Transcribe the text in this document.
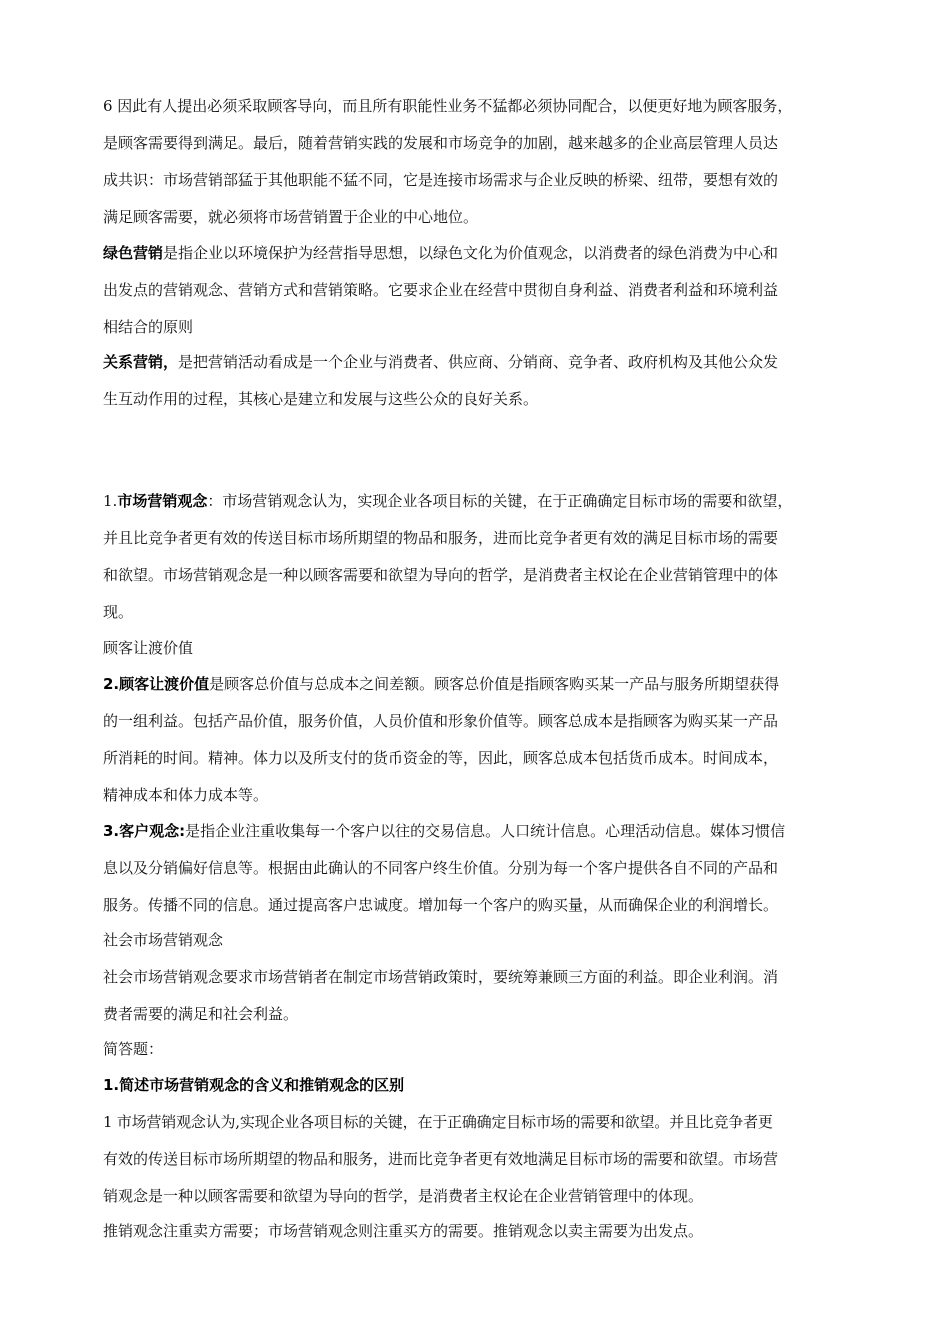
6 因此有人提出必须采取顾客导向，而且所有职能性业务不猛都必须协同配合，以便更好地为顾客服务，
是顾客需要得到满足。最后，随着营销实践的发展和市场竞争的加剧，越来越多的企业高层管理人员达
成共识：市场营销部猛于其他职能不猛不同，它是连接市场需求与企业反映的桥梁、纽带，要想有效的
满足顾客需要，就必须将市场营销置于企业的中心地位。
绿色营销是指企业以环境保护为经营指导思想，以绿色文化为价值观念，以消费者的绿色消费为中心和
出发点的营销观念、营销方式和营销策略。它要求企业在经营中贯彻自身利益、消费者利益和环境利益
相结合的原则
关系营销，是把营销活动看成是一个企业与消费者、供应商、分销商、竞争者、政府机构及其他公众发
生互动作用的过程，其核心是建立和发展与这些公众的良好关系。
1.市场营销观念：市场营销观念认为，实现企业各项目标的关键，在于正确确定目标市场的需要和欲望，
并且比竞争者更有效的传送目标市场所期望的物品和服务，进而比竞争者更有效的满足目标市场的需要
和欲望。市场营销观念是一种以顾客需要和欲望为导向的哲学，是消费者主权论在企业营销管理中的体
现。
顾客让渡价值
2.顾客让渡价值是顾客总价值与总成本之间差额。顾客总价值是指顾客购买某一产品与服务所期望获得
的一组利益。包括产品价值，服务价值，人员价值和形象价值等。顾客总成本是指顾客为购买某一产品
所消耗的时间。精神。体力以及所支付的货币资金的等，因此，顾客总成本包括货币成本。时间成本，
精神成本和体力成本等。
3.客户观念:是指企业注重收集每一个客户以往的交易信息。人口统计信息。心理活动信息。媒体习惯信
息以及分销偏好信息等。根据由此确认的不同客户终生价值。分别为每一个客户提供各自不同的产品和
服务。传播不同的信息。通过提高客户忠诚度。增加每一个客户的购买量，从而确保企业的利润增长。
社会市场营销观念
社会市场营销观念要求市场营销者在制定市场营销政策时，要统筹兼顾三方面的利益。即企业利润。消
费者需要的满足和社会利益。
简答题：
1.简述市场营销观念的含义和推销观念的区别
1 市场营销观念认为,实现企业各项目标的关键，在于正确确定目标市场的需要和欲望。并且比竞争者更
有效的传送目标市场所期望的物品和服务，进而比竞争者更有效地满足目标市场的需要和欲望。市场营
销观念是一种以顾客需要和欲望为导向的哲学，是消费者主权论在企业营销管理中的体现。
推销观念注重卖方需要；市场营销观念则注重买方的需要。推销观念以卖主需要为出发点。
